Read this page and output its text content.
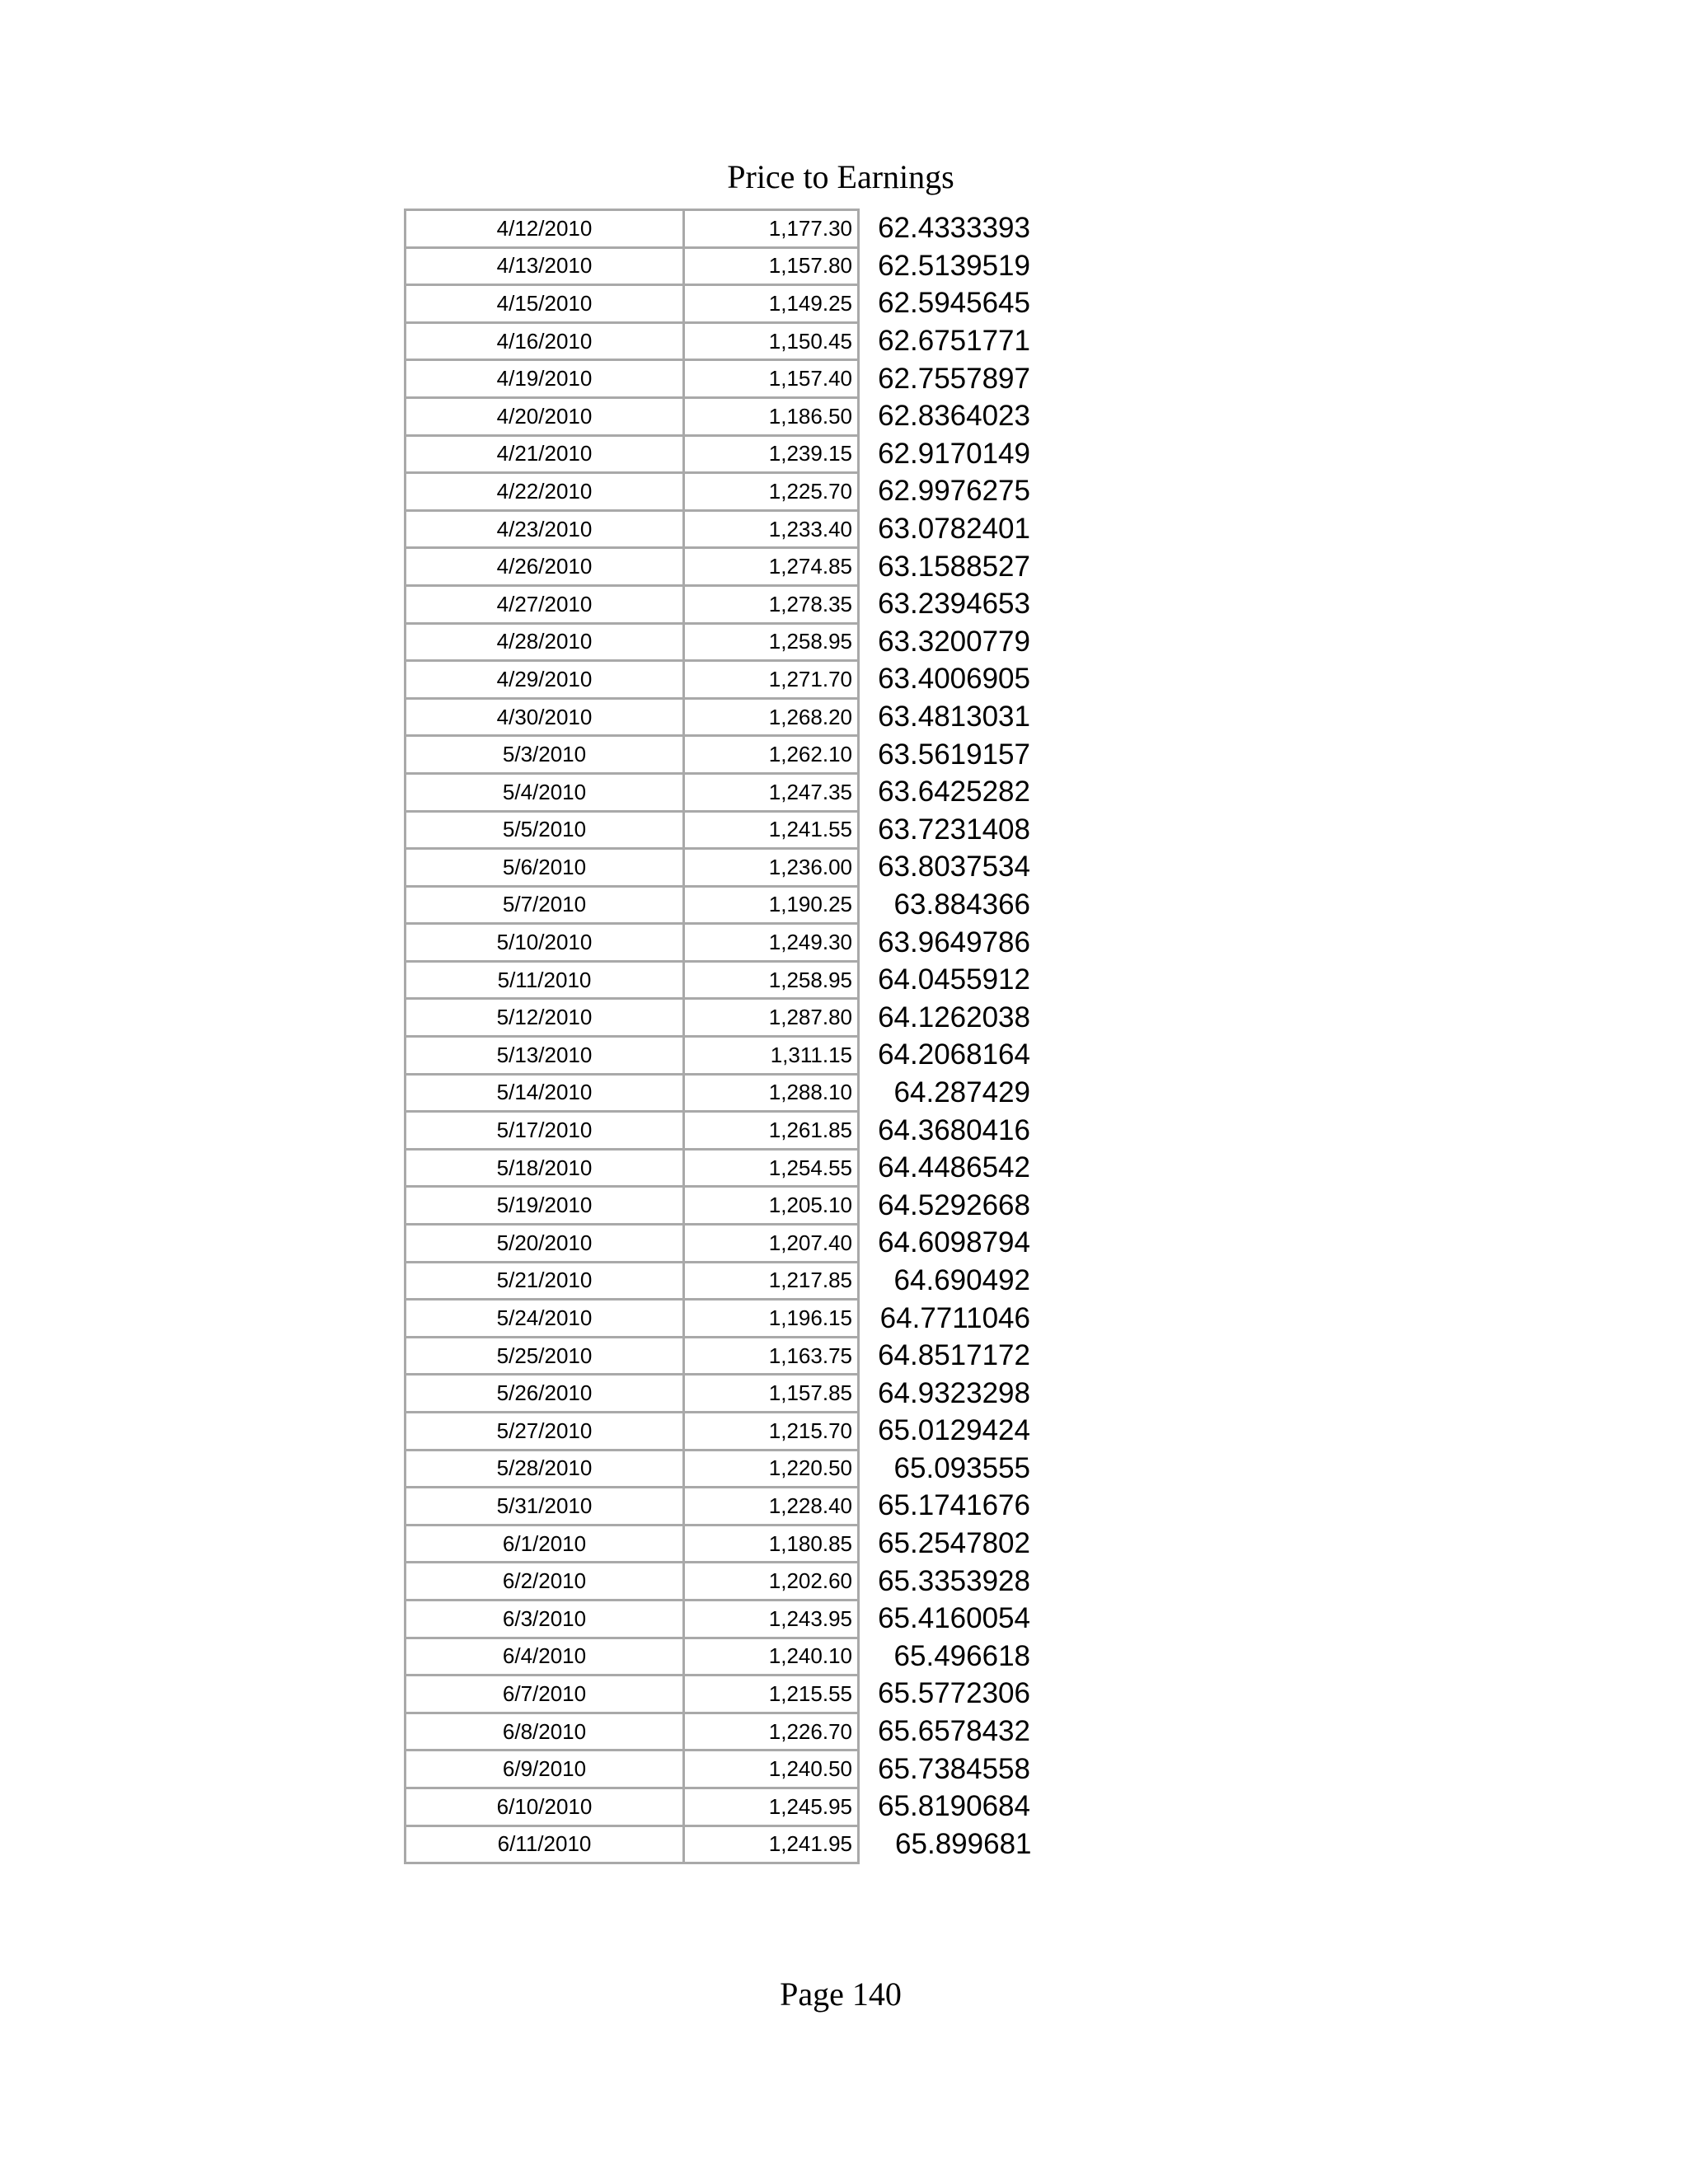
Price to Earnings
4/12/2010	1,177.30	62.4333393
4/13/2010	1,157.80	62.5139519
4/15/2010	1,149.25	62.5945645
4/16/2010	1,150.45	62.6751771
4/19/2010	1,157.40	62.7557897
4/20/2010	1,186.50	62.8364023
4/21/2010	1,239.15	62.9170149
4/22/2010	1,225.70	62.9976275
4/23/2010	1,233.40	63.0782401
4/26/2010	1,274.85	63.1588527
4/27/2010	1,278.35	63.2394653
4/28/2010	1,258.95	63.3200779
4/29/2010	1,271.70	63.4006905
4/30/2010	1,268.20	63.4813031
5/3/2010	1,262.10	63.5619157
5/4/2010	1,247.35	63.6425282
5/5/2010	1,241.55	63.7231408
5/6/2010	1,236.00	63.8037534
5/7/2010	1,190.25	63.884366
5/10/2010	1,249.30	63.9649786
5/11/2010	1,258.95	64.0455912
5/12/2010	1,287.80	64.1262038
5/13/2010	1,311.15	64.2068164
5/14/2010	1,288.10	64.287429
5/17/2010	1,261.85	64.3680416
5/18/2010	1,254.55	64.4486542
5/19/2010	1,205.10	64.5292668
5/20/2010	1,207.40	64.6098794
5/21/2010	1,217.85	64.690492
5/24/2010	1,196.15	64.7711046
5/25/2010	1,163.75	64.8517172
5/26/2010	1,157.85	64.9323298
5/27/2010	1,215.70	65.0129424
5/28/2010	1,220.50	65.093555
5/31/2010	1,228.40	65.1741676
6/1/2010	1,180.85	65.2547802
6/2/2010	1,202.60	65.3353928
6/3/2010	1,243.95	65.4160054
6/4/2010	1,240.10	65.496618
6/7/2010	1,215.55	65.5772306
6/8/2010	1,226.70	65.6578432
6/9/2010	1,240.50	65.7384558
6/10/2010	1,245.95	65.8190684
6/11/2010	1,241.95	65.899681
Page 140
